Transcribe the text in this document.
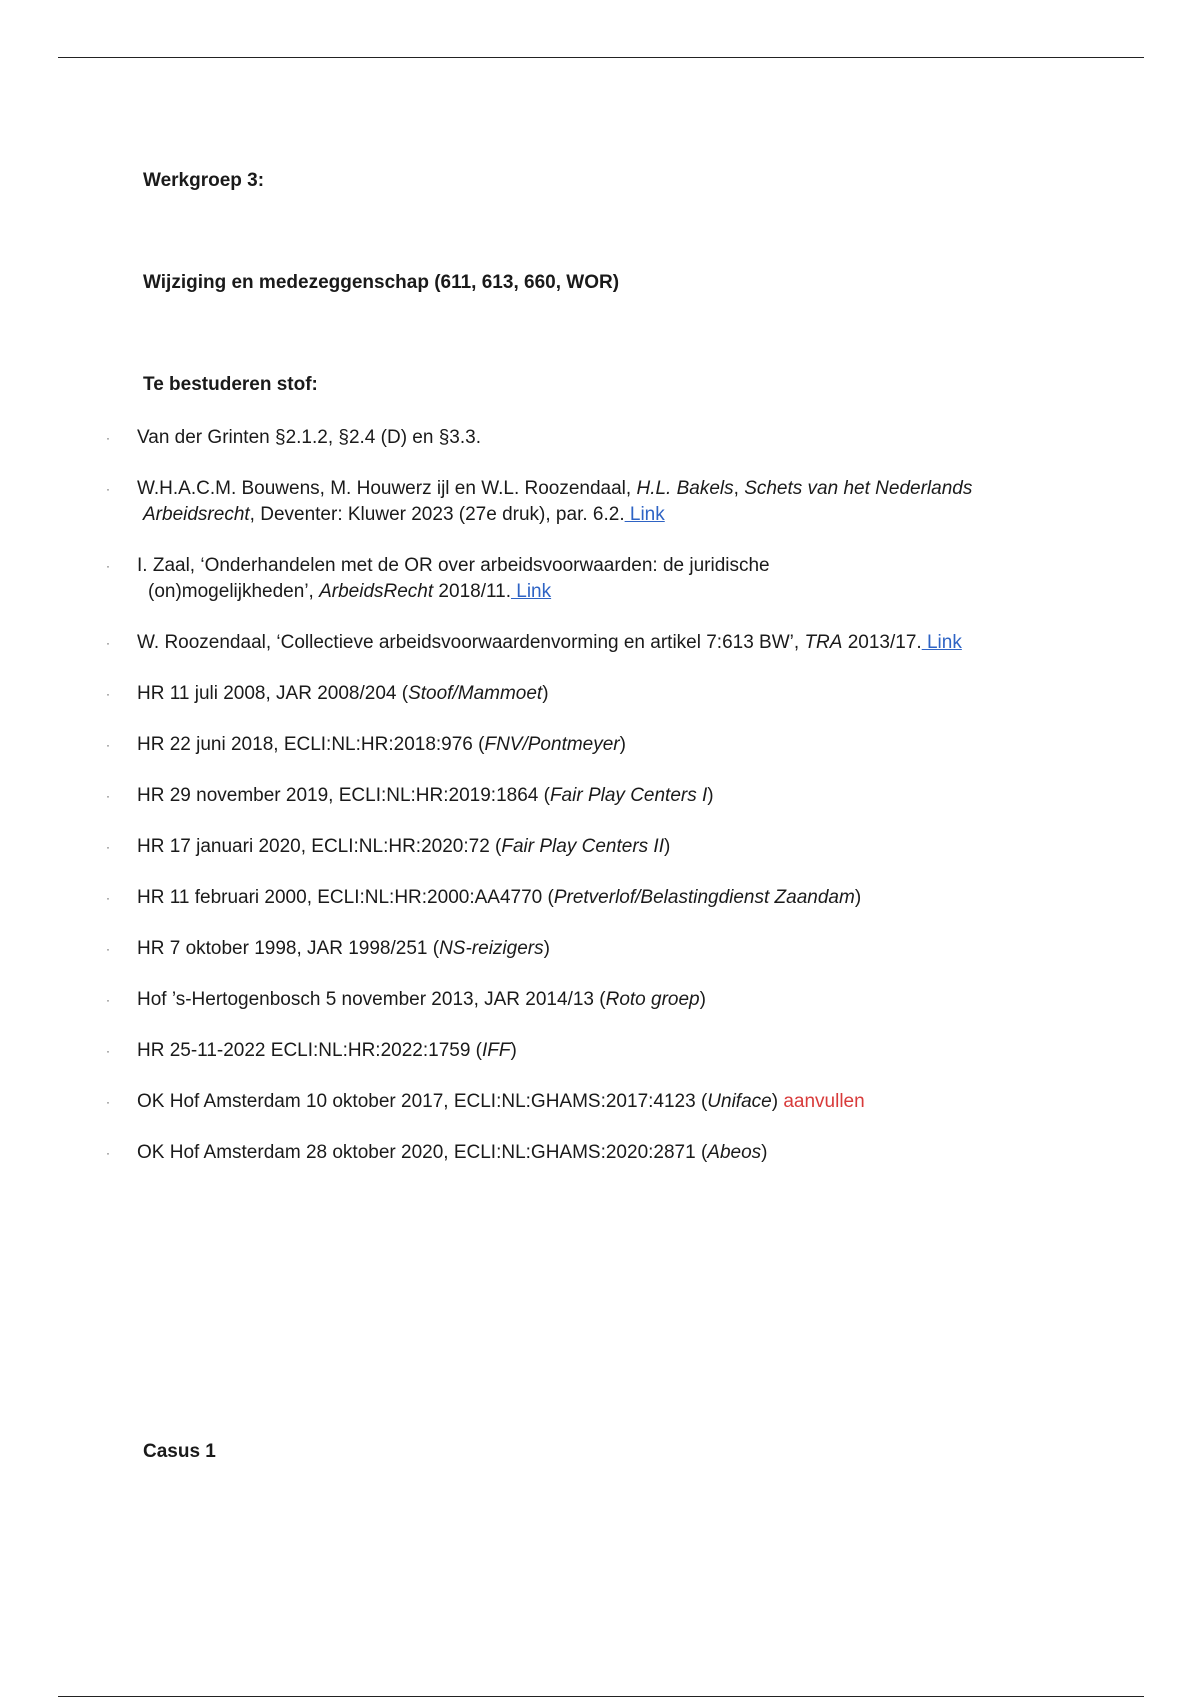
Werkgroep 3:
Wijziging en medezeggenschap (611, 613, 660, WOR)
Te bestuderen stof:
·	Van der Grinten §2.1.2, §2.4 (D) en §3.3.
·	W.H.A.C.M. Bouwens, M. Houwerz ijl en W.L. Roozendaal, H.L. Bakels, Schets van het Nederlands
Arbeidsrecht, Deventer: Kluwer 2023 (27e druk), par. 6.2. Link
·	I. Zaal, ‘Onderhandelen met de OR over arbeidsvoorwaarden: de juridische
(on)mogelijkheden’, ArbeidsRecht 2018/11. Link
·	W. Roozendaal, ‘Collectieve arbeidsvoorwaardenvorming en artikel 7:613 BW’, TRA 2013/17. Link
·	HR 11 juli 2008, JAR 2008/204 (Stoof/Mammoet)
·	HR 22 juni 2018, ECLI:NL:HR:2018:976 (FNV/Pontmeyer)
·	HR 29 november 2019, ECLI:NL:HR:2019:1864 (Fair Play Centers I)
·	HR 17 januari 2020, ECLI:NL:HR:2020:72 (Fair Play Centers II)
·	HR 11 februari 2000, ECLI:NL:HR:2000:AA4770 (Pretverlof/Belastingdienst Zaandam)
·	HR 7 oktober 1998, JAR 1998/251 (NS-reizigers)
·	Hof ’s-Hertogenbosch 5 november 2013, JAR 2014/13 (Roto groep)
·	HR 25-11-2022 ECLI:NL:HR:2022:1759 (IFF)
·	OK Hof Amsterdam 10 oktober 2017, ECLI:NL:GHAMS:2017:4123 (Uniface) aanvullen
·	OK Hof Amsterdam 28 oktober 2020, ECLI:NL:GHAMS:2020:2871 (Abeos)
Casus 1
